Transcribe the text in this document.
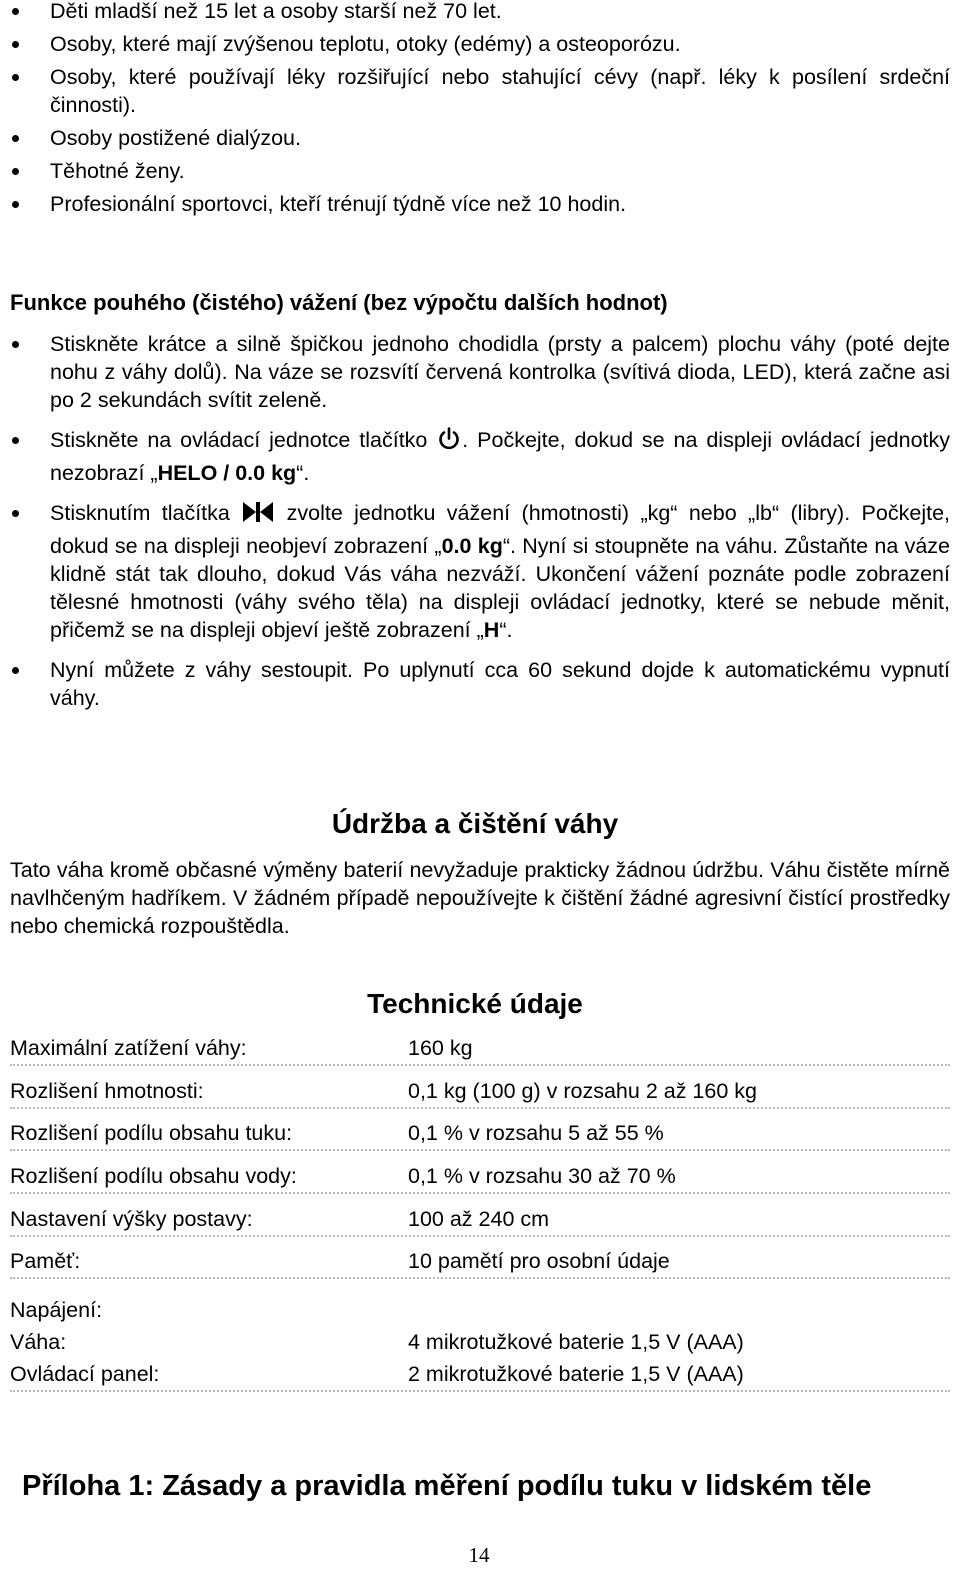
Děti mladší než 15 let a osoby starší než 70 let.
Osoby, které mají zvýšenou teplotu, otoky (edémy) a osteoporózu.
Osoby, které používají léky rozšiřující nebo stahující cévy (např. léky k posílení srdeční činnosti).
Osoby postižené dialýzou.
Těhotné ženy.
Profesionální sportovci, kteří trénují týdně více než 10 hodin.
Funkce pouhého (čistého) vážení (bez výpočtu dalších hodnot)
Stiskněte krátce a silně špičkou jednoho chodidla (prsty a palcem) plochu váhy (poté dejte nohu z váhy dolů). Na váze se rozsvítí červená kontrolka (svítivá dioda, LED), která začne asi po 2 sekundách svítit zeleně.
Stiskněte na ovládací jednotce tlačítko . Počkejte, dokud se na displeji ovládací jednotky nezobrazí „HELO / 0.0 kg“.
Stisknutím tlačítka  zvolte jednotku vážení (hmotnosti) „kg“ nebo „lb“ (libry). Počkejte, dokud se na displeji neobjeví zobrazení „0.0 kg“. Nyní si stoupněte na váhu. Zůstaňte na váze klidně stát tak dlouho, dokud Vás váha nezváží. Ukončení vážení poznáte podle zobrazení tělesné hmotnosti (váhy svého těla) na displeji ovládací jednotky, které se nebude měnit, přičemž se na displeji objeví ještě zobrazení „H“.
Nyní můžete z váhy sestoupit. Po uplynutí cca 60 sekund dojde k automatickému vypnutí váhy.
Údržba a čištění váhy
Tato váha kromě občasné výměny baterií nevyžaduje prakticky žádnou údržbu. Váhu čistěte mírně navlhčeným hadříkem. V žádném případě nepoužívejte k čištění žádné agresivní čistící prostředky nebo chemická rozpouštědla.
Technické údaje
Maximální zatížení váhy:	160 kg
Rozlišení hmotnosti:	0,1 kg (100 g) v rozsahu 2 až 160 kg
Rozlišení podílu obsahu tuku:	0,1 % v rozsahu 5 až 55 %
Rozlišení podílu obsahu vody:	0,1 % v rozsahu 30 až 70 %
Nastavení výšky postavy:	100 až 240 cm
Paměť:	10 pamětí pro osobní údaje
Napájení:
Váha:	4 mikrotužkové baterie 1,5 V (AAA)
Ovládací panel:	2 mikrotužkové baterie 1,5 V (AAA)
Příloha 1: Zásady a pravidla měření podílu tuku v lidském těle
14
